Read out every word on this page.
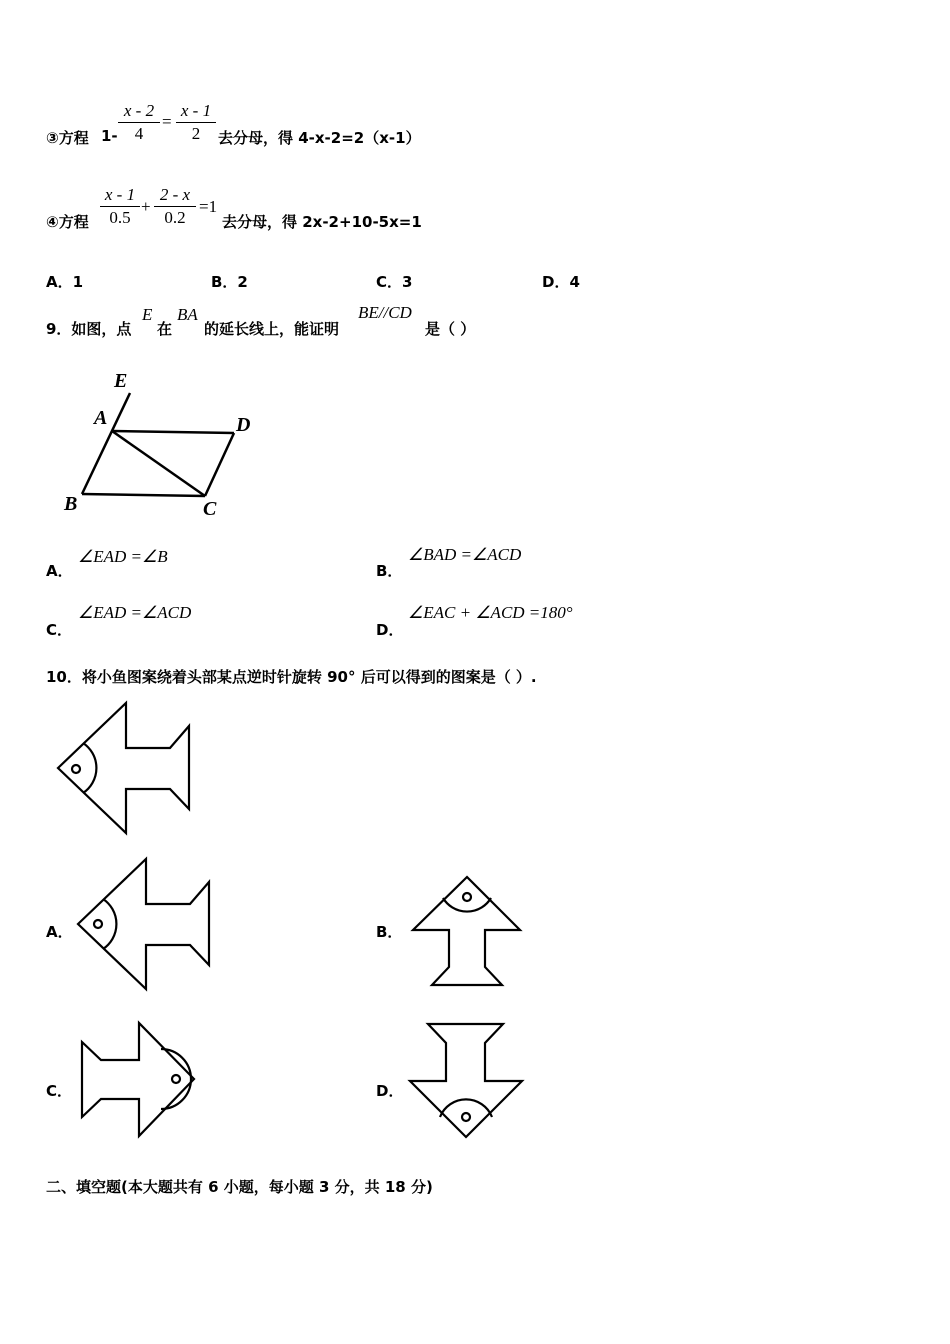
③方程 1-
x - 2
4
=
x - 1
2	去分母，得 4-x-2=2（x-1）
④方程
x - 1
0.5
+
2 - x
0.2
=1
去分母，得 2x-2+10-5x=1
A．1	B．2	C．3	D．4
9．如图，点
E
在
BA
的延长线上，能证明
BE//CD
是（ ）
E
A	D
B	C
A．
∠EAD =∠B
B．
∠BAD =∠ACD
C．
∠EAD =∠ACD
D．
∠EAC + ∠ACD =180°
10．将小鱼图案绕着头部某点逆时针旋转 90° 后可以得到的图案是（ ）.
A．	B．
C．	D．
二、填空题(本大题共有 6 小题，每小题 3 分，共 18 分)
